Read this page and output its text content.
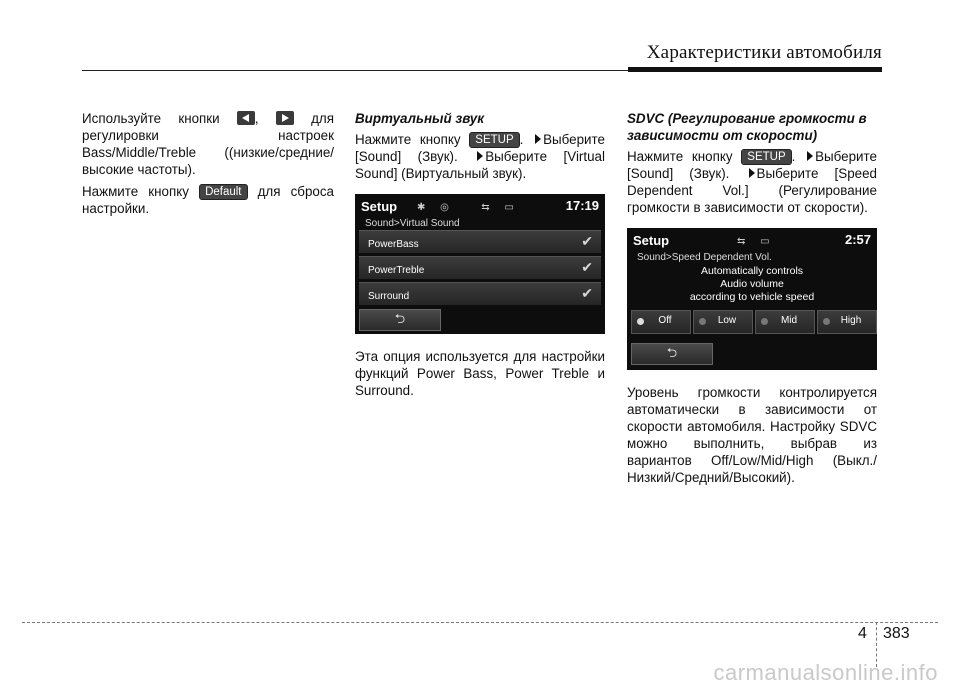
Характеристики автомобиля

Используйте кнопки	,	для регулировки настроек Bass/Middle/Treble ((низкие/средние/высокие частоты).

Нажмите кнопку Default для сброса настройки.

Виртуальный звук

Нажмите кнопку SETUP . Выберите [Sound] (Звук). Выберите [Virtual Sound] (Виртуальный звук).

Setup ✱ ◎   ⇆ ▭	17:19
Sound>Virtual Sound
PowerBass	✔
PowerTreble	✔
Surround	✔
⮌

Эта опция используется для настройки функций Power Bass, Power Treble и Surround.

SDVC (Регулирование громкости в зависимости от скорости)

Нажмите кнопку SETUP . Выберите [Sound] (Звук). Выберите [Speed Dependent Vol.] (Регулирование громкости в зависимости от скорости).

Setup	⇆ ▭	2:57
Sound>Speed Dependent Vol.
Automatically controls
Audio volume
according to vehicle speed
Off	Low	Mid	High
⮌

Уровень громкости контролируется автоматически в зависимости от скорости автомобиля. Настройку SDVC можно выполнить, выбрав из вариантов Off/Low/Mid/High (Выкл./Низкий/Средний/Высокий).

4 383
carmanualsonline.info
